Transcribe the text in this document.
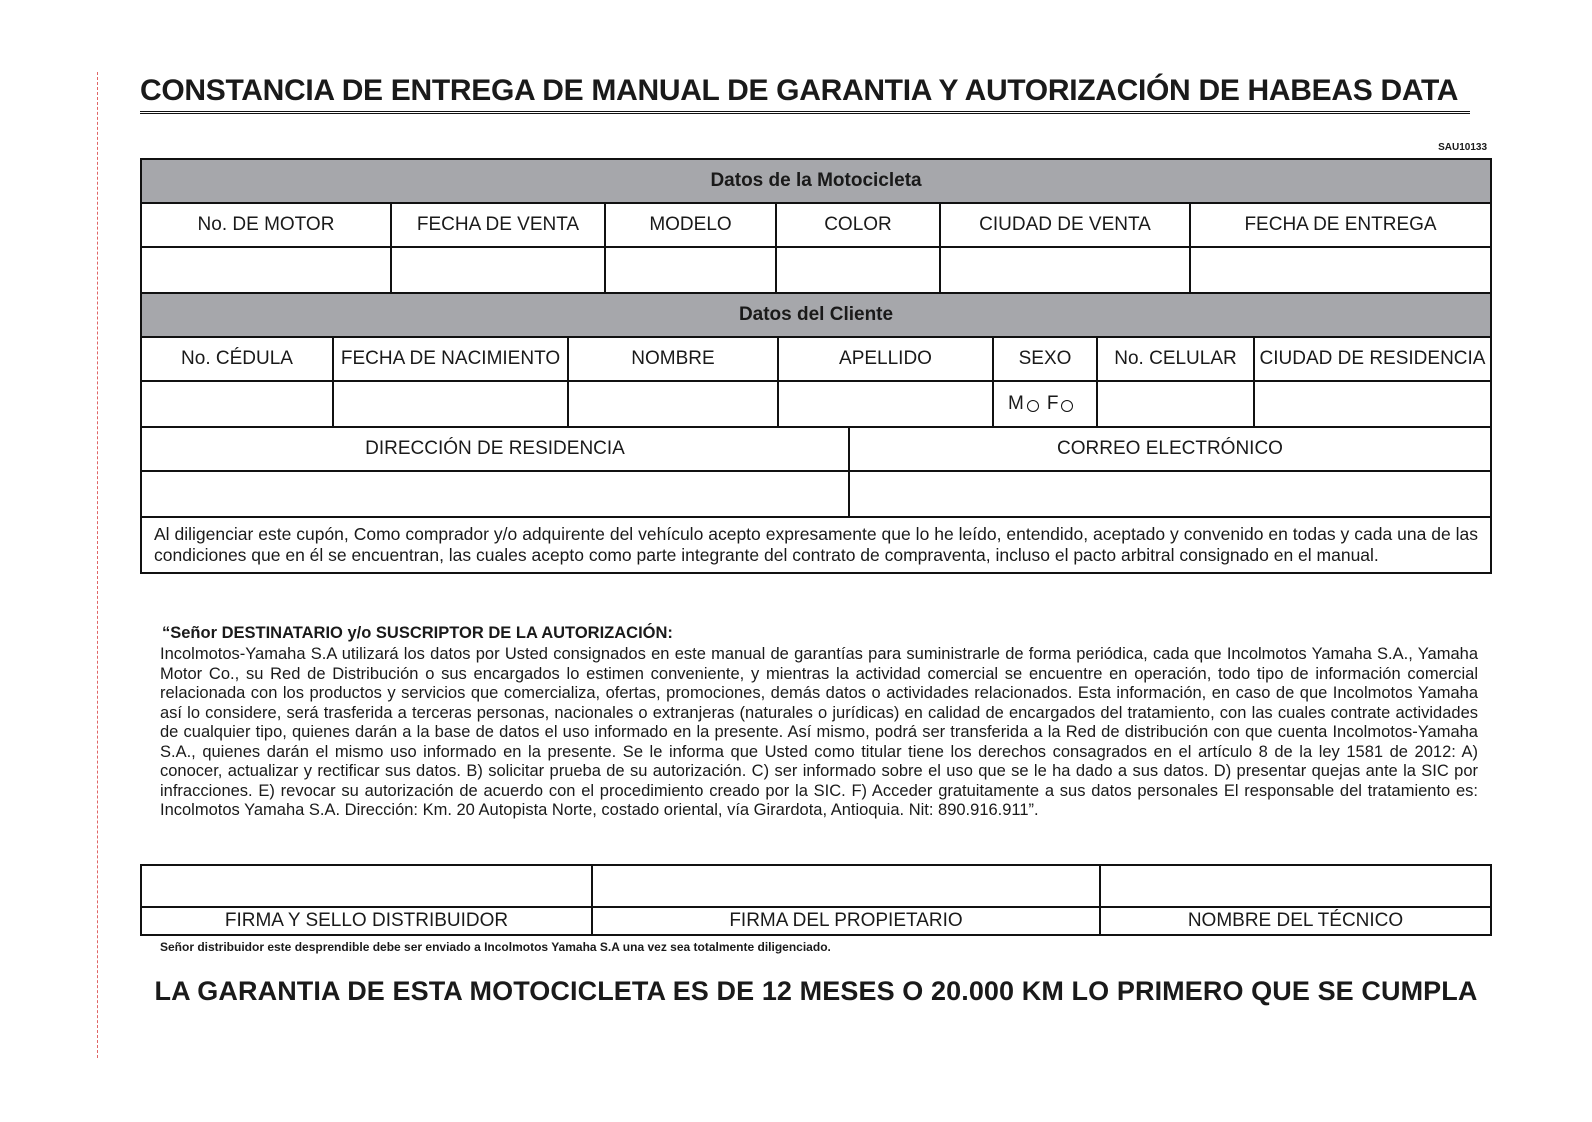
CONSTANCIA DE ENTREGA DE MANUAL DE GARANTIA Y AUTORIZACIÓN DE HABEAS DATA
SAU10133
Datos de la Motocicleta					
No. DE MOTOR	FECHA DE VENTA	MODELO	COLOR	CIUDAD DE VENTA	FECHA DE ENTREGA

Datos del Cliente							
No. CÉDULA	FECHA DE NACIMIENTO	NOMBRE	APELLIDO		SEXO	No. CELULAR	CIUDAD DE RESIDENCIA
					M F		
DIRECCIÓN DE RESIDENCIA				CORREO ELECTRÓNICO			

Al diligenciar este cupón, Como comprador y/o adquirente del vehículo acepto expresamente que lo he leído, entendido, aceptado y convenido en todas y cada una de las condiciones que en él se encuentran, las cuales acepto como parte integrante del contrato de compraventa, incluso el pacto arbitral consignado en el manual.							
“Señor DESTINATARIO y/o SUSCRIPTOR DE LA AUTORIZACIÓN:
Incolmotos-Yamaha S.A utilizará los datos por Usted consignados en este manual de garantías para suministrarle de forma periódica, cada que Incolmotos Yamaha S.A., Yamaha Motor Co., su Red de Distribución o sus encargados lo estimen conveniente, y mientras la actividad comercial se encuentre en operación, todo tipo de información comercial relacionada con los productos y servicios que comercializa, ofertas, promociones, demás datos o actividades relacionados. Esta información, en caso de que Incolmotos Yamaha así lo considere, será trasferida a terceras personas, nacionales o extranjeras (naturales o jurídicas) en calidad de encargados del tratamiento, con las cuales contrate actividades de cualquier tipo, quienes darán a la base de datos el uso informado en la presente. Así mismo, podrá ser transferida a la Red de distribución con que cuenta Incolmotos-Yamaha S.A., quienes darán el mismo uso informado en la presente. Se le informa que Usted como titular tiene los derechos consagrados en el artículo 8 de la ley 1581 de 2012: A) conocer, actualizar y rectificar sus datos. B) solicitar prueba de su autorización. C) ser informado sobre el uso que se le ha dado a sus datos. D) presentar quejas ante la SIC por infracciones. E) revocar su autorización de acuerdo con el procedimiento creado por la SIC. F) Acceder gratuitamente a sus datos personales El responsable del tratamiento es: Incolmotos Yamaha S.A. Dirección: Km. 20 Autopista Norte, costado oriental, vía Girardota, Antioquia. Nit: 890.916.911”.

FIRMA Y SELLO DISTRIBUIDOR	FIRMA DEL PROPIETARIO	NOMBRE DEL TÉCNICO
Señor distribuidor este desprendible debe ser enviado a Incolmotos Yamaha S.A una vez sea totalmente diligenciado.
LA GARANTIA DE ESTA MOTOCICLETA ES DE 12 MESES O 20.000 KM LO PRIMERO QUE SE CUMPLA
